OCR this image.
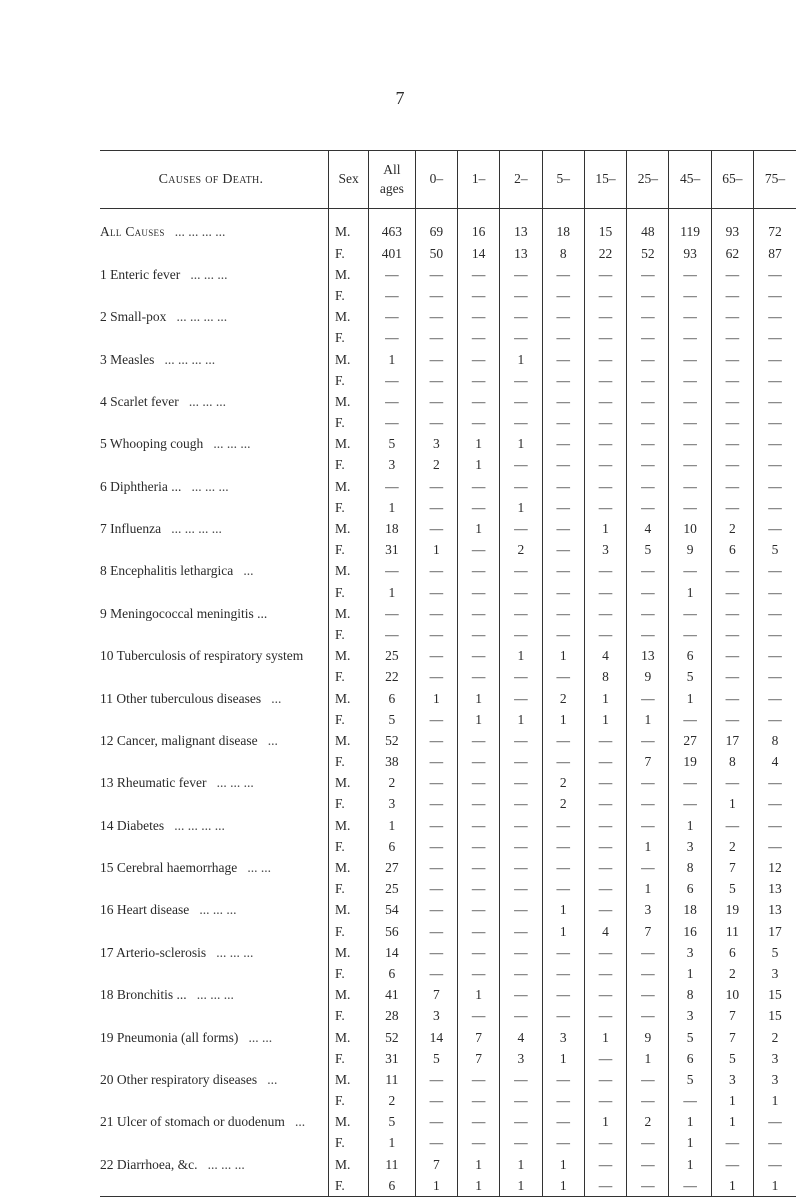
7
Causes of Death.	Sex	All
ages	0–	1–	2–	5–	15–	25–	45–	65–	75–
All Causes ... ... ... ...	M.	463	69	16	13	18	15	48	119	93	72
	F.	401	50	14	13	8	22	52	93	62	87
1 Enteric fever ... ... ...	M.	—	—	—	—	—	—	—	—	—	—
	F.	—	—	—	—	—	—	—	—	—	—
2 Small-pox ... ... ... ...	M.	—	—	—	—	—	—	—	—	—	—
	F.	—	—	—	—	—	—	—	—	—	—
3 Measles ... ... ... ...	M.	1	—	—	1	—	—	—	—	—	—
	F.	—	—	—	—	—	—	—	—	—	—
4 Scarlet fever ... ... ...	M.	—	—	—	—	—	—	—	—	—	—
	F.	—	—	—	—	—	—	—	—	—	—
5 Whooping cough ... ... ...	M.	5	3	1	1	—	—	—	—	—	—
	F.	3	2	1	—	—	—	—	—	—	—
6 Diphtheria ... ... ... ...	M.	—	—	—	—	—	—	—	—	—	—
	F.	1	—	—	1	—	—	—	—	—	—
7 Influenza ... ... ... ...	M.	18	—	1	—	—	1	4	10	2	—
	F.	31	1	—	2	—	3	5	9	6	5
8 Encephalitis lethargica ...	M.	—	—	—	—	—	—	—	—	—	—
	F.	1	—	—	—	—	—	—	1	—	—
9 Meningococcal meningitis ...	M.	—	—	—	—	—	—	—	—	—	—
	F.	—	—	—	—	—	—	—	—	—	—
10 Tuberculosis of respiratory system	M.	25	—	—	1	1	4	13	6	—	—
	F.	22	—	—	—	—	8	9	5	—	—
11 Other tuberculous diseases ...	M.	6	1	1	—	2	1	—	1	—	—
	F.	5	—	1	1	1	1	1	—	—	—
12 Cancer, malignant disease ...	M.	52	—	—	—	—	—	—	27	17	8
	F.	38	—	—	—	—	—	7	19	8	4
13 Rheumatic fever ... ... ...	M.	2	—	—	—	2	—	—	—	—	—
	F.	3	—	—	—	2	—	—	—	1	—
14 Diabetes ... ... ... ...	M.	1	—	—	—	—	—	—	1	—	—
	F.	6	—	—	—	—	—	1	3	2	—
15 Cerebral haemorrhage ... ...	M.	27	—	—	—	—	—	—	8	7	12
	F.	25	—	—	—	—	—	1	6	5	13
16 Heart disease ... ... ...	M.	54	—	—	—	1	—	3	18	19	13
	F.	56	—	—	—	1	4	7	16	11	17
17 Arterio-sclerosis ... ... ...	M.	14	—	—	—	—	—	—	3	6	5
	F.	6	—	—	—	—	—	—	1	2	3
18 Bronchitis ... ... ... ...	M.	41	7	1	—	—	—	—	8	10	15
	F.	28	3	—	—	—	—	—	3	7	15
19 Pneumonia (all forms) ... ...	M.	52	14	7	4	3	1	9	5	7	2
	F.	31	5	7	3	1	—	1	6	5	3
20 Other respiratory diseases ...	M.	11	—	—	—	—	—	—	5	3	3
	F.	2	—	—	—	—	—	—	—	1	1
21 Ulcer of stomach or duodenum ...	M.	5	—	—	—	—	1	2	1	1	—
	F.	1	—	—	—	—	—	—	1	—	—
22 Diarrhoea, &c. ... ... ...	M.	11	7	1	1	1	—	—	1	—	—
	F.	6	1	1	1	1	—	—	—	1	1
